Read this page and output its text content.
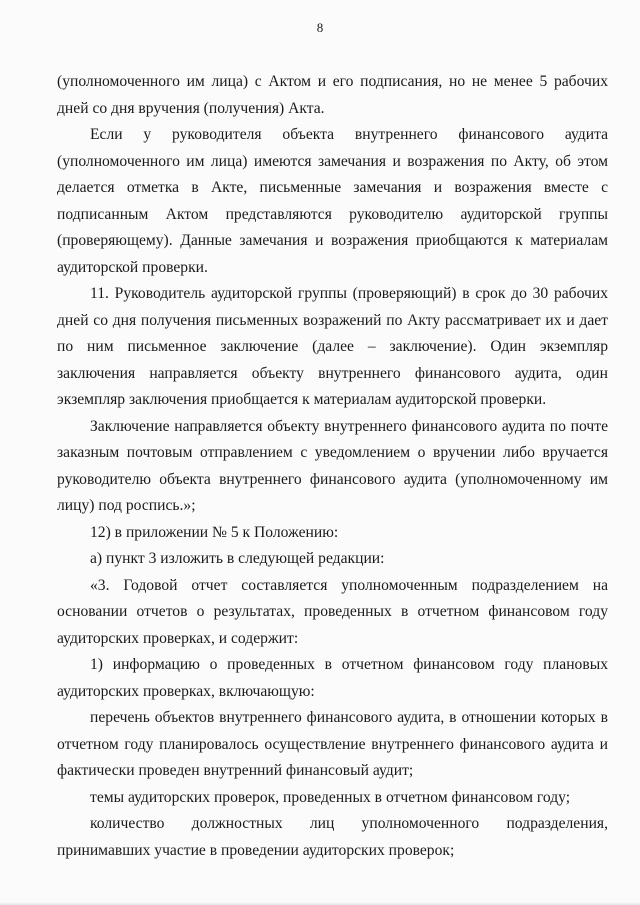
8

(уполномоченного им лица) с Актом и его подписания, но не менее 5 рабочих дней со дня вручения (получения) Акта.

Если у руководителя объекта внутреннего финансового аудита (уполномоченного им лица) имеются замечания и возражения по Акту, об этом делается отметка в Акте, письменные замечания и возражения вместе с подписанным Актом представляются руководителю аудиторской группы (проверяющему). Данные замечания и возражения приобщаются к материалам аудиторской проверки.

11. Руководитель аудиторской группы (проверяющий) в срок до 30 рабочих дней со дня получения письменных возражений по Акту рассматривает их и дает по ним письменное заключение (далее – заключение). Один экземпляр заключения направляется объекту внутреннего финансового аудита, один экземпляр заключения приобщается к материалам аудиторской проверки.

Заключение направляется объекту внутреннего финансового аудита по почте заказным почтовым отправлением с уведомлением о вручении либо вручается руководителю объекта внутреннего финансового аудита (уполномоченному им лицу) под роспись.»;

12) в приложении № 5 к Положению:

а) пункт 3 изложить в следующей редакции:

«3. Годовой отчет составляется уполномоченным подразделением на основании отчетов о результатах, проведенных в отчетном финансовом году аудиторских проверках, и содержит:

1) информацию о проведенных в отчетном финансовом году плановых аудиторских проверках, включающую:

перечень объектов внутреннего финансового аудита, в отношении которых в отчетном году планировалось осуществление внутреннего финансового аудита и фактически проведен внутренний финансовый аудит;

темы аудиторских проверок, проведенных в отчетном финансовом году;

количество должностных лиц уполномоченного подразделения, принимавших участие в проведении аудиторских проверок;
